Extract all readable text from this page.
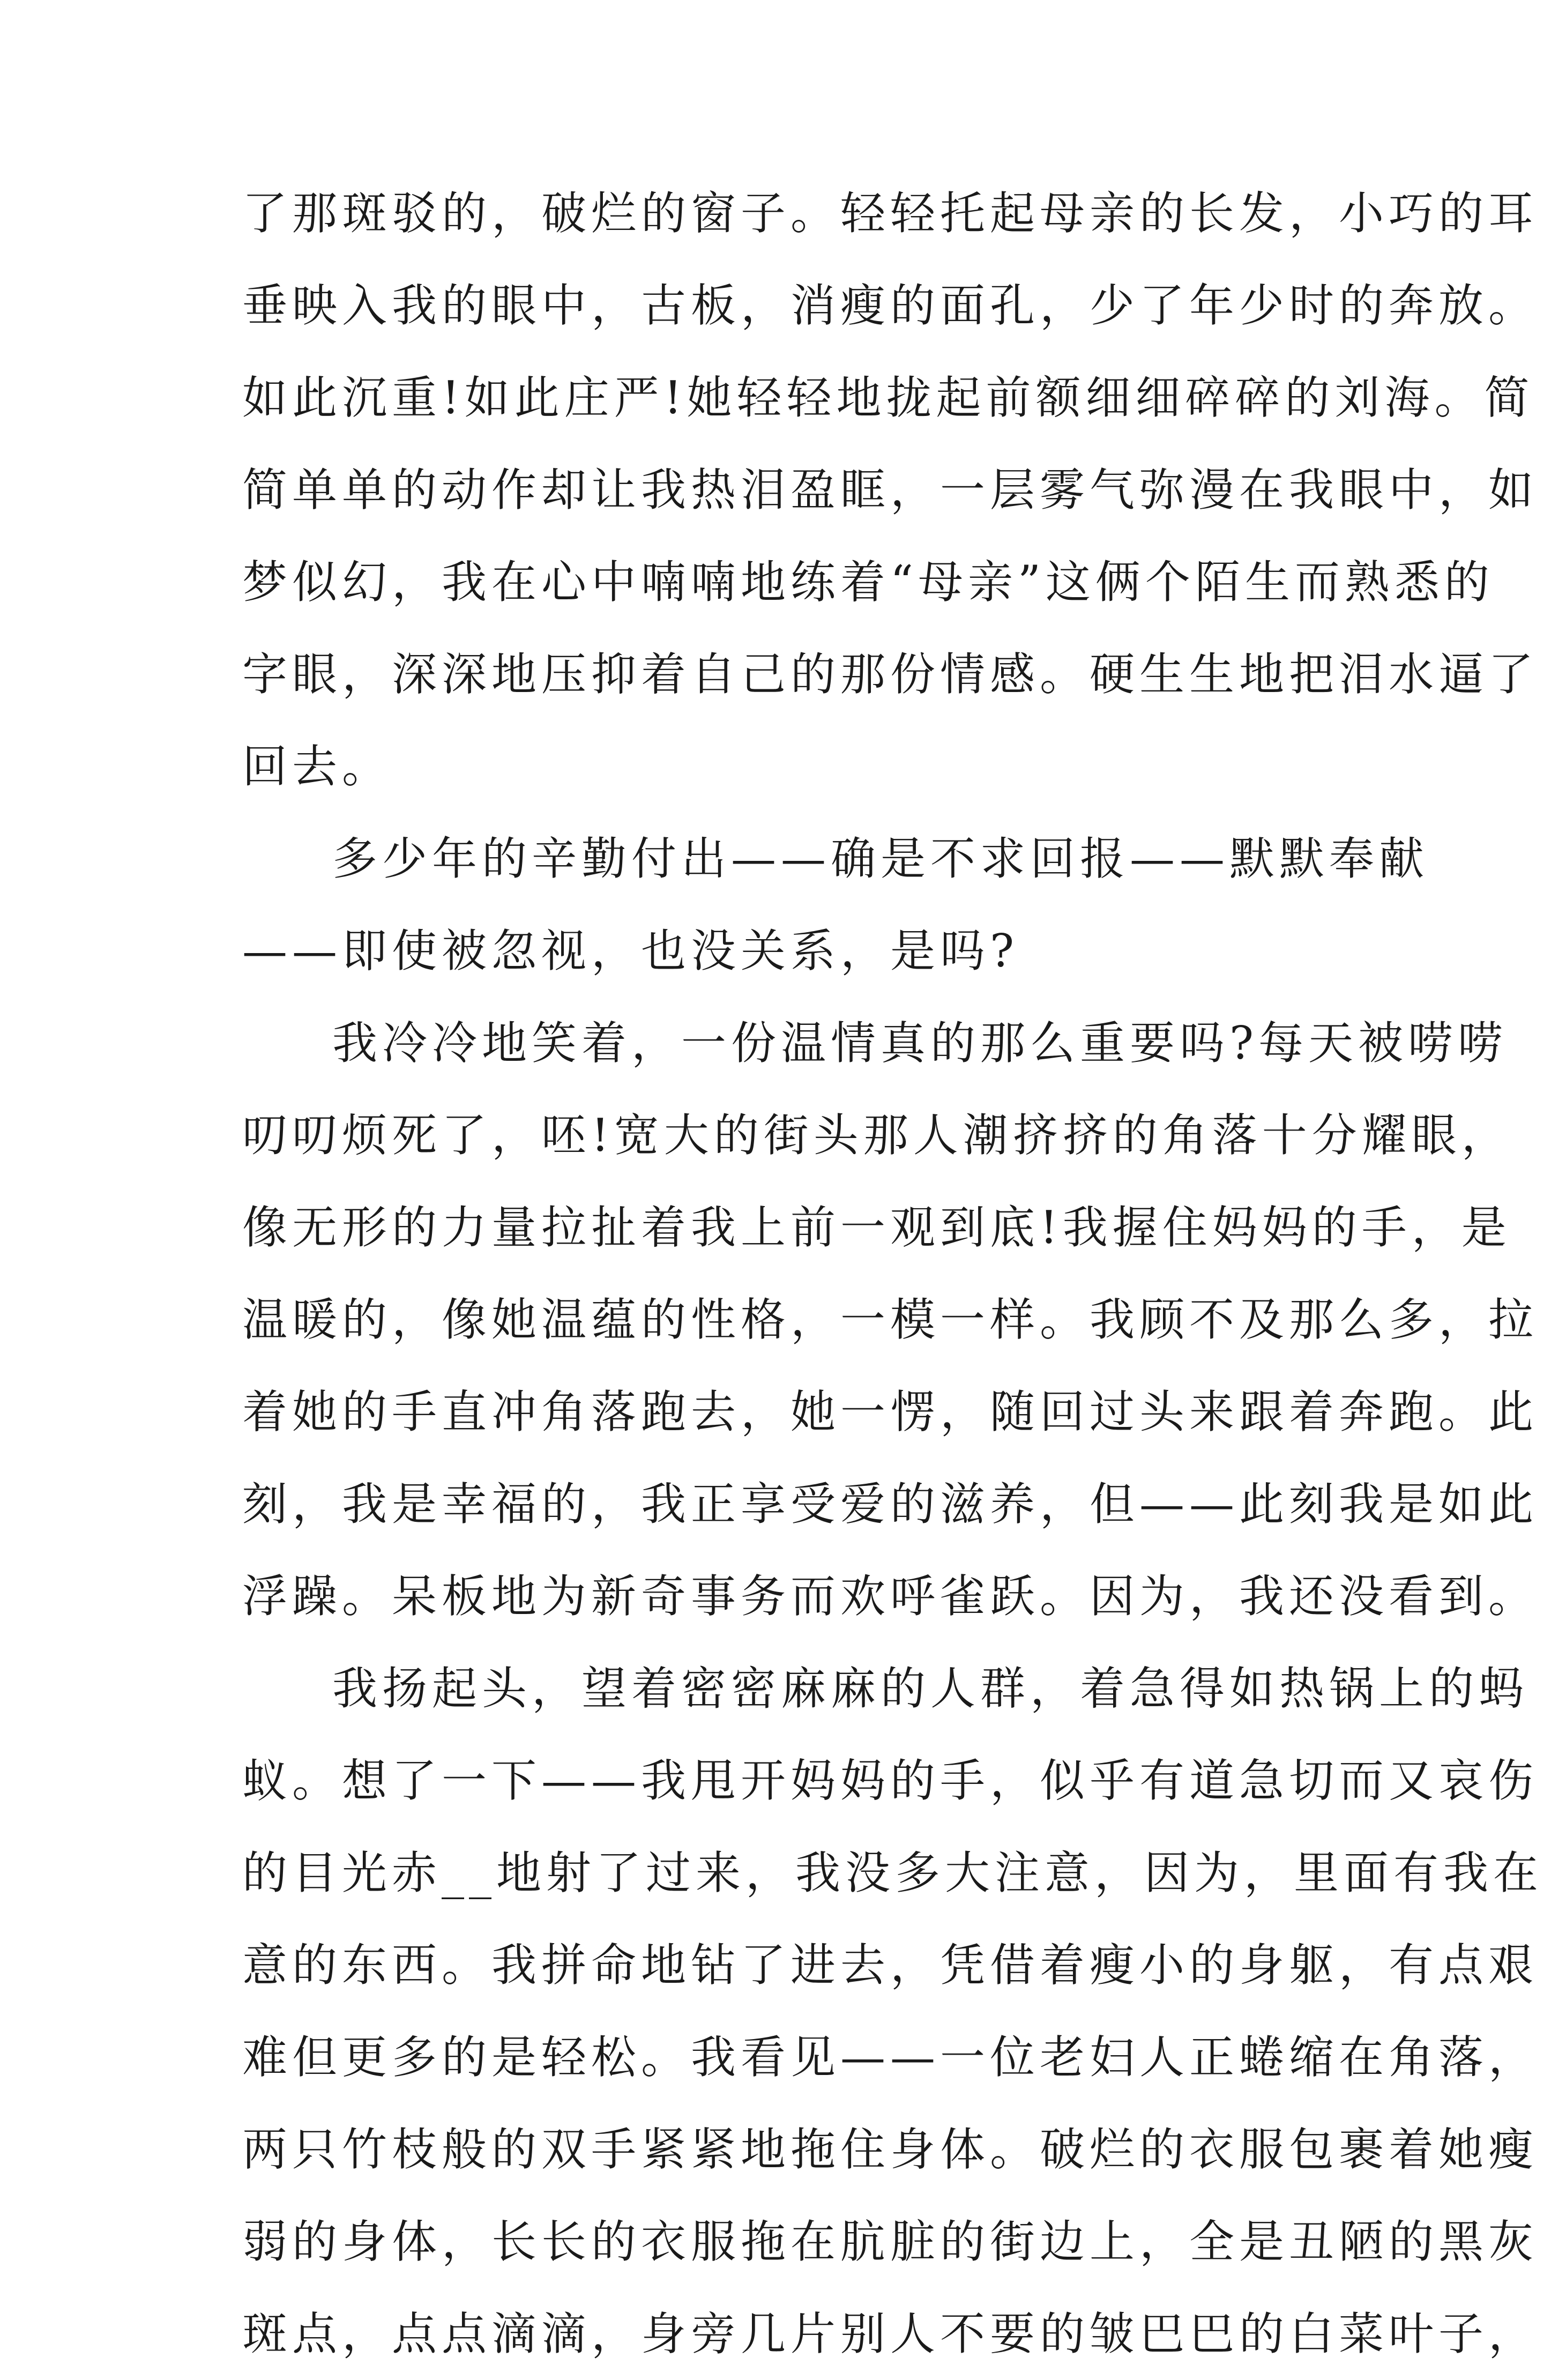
了那斑驳的，破烂的窗子。轻轻托起母亲的长发，小巧的耳
垂映入我的眼中，古板，消瘦的面孔，少了年少时的奔放。
如此沉重!如此庄严!她轻轻地拢起前额细细碎碎的刘海。简
简单单的动作却让我热泪盈眶，一层雾气弥漫在我眼中，如
梦似幻，我在心中喃喃地练着“母亲”这俩个陌生而熟悉的
字眼，深深地压抑着自己的那份情感。硬生生地把泪水逼了
回去。
多少年的辛勤付出——确是不求回报——默默奉献
——即使被忽视，也没关系，是吗?
我冷冷地笑着，一份温情真的那么重要吗?每天被唠唠
叨叨烦死了，呸!宽大的街头那人潮挤挤的角落十分耀眼，
像无形的力量拉扯着我上前一观到底!我握住妈妈的手，是
温暖的，像她温蕴的性格，一模一样。我顾不及那么多，拉
着她的手直冲角落跑去，她一愣，随回过头来跟着奔跑。此
刻，我是幸福的，我正享受爱的滋养，但——此刻我是如此
浮躁。呆板地为新奇事务而欢呼雀跃。因为，我还没看到。
我扬起头，望着密密麻麻的人群，着急得如热锅上的蚂
蚁。想了一下——我甩开妈妈的手，似乎有道急切而又哀伤
的目光赤__地射了过来，我没多大注意，因为，里面有我在
意的东西。我拼命地钻了进去，凭借着瘦小的身躯，有点艰
难但更多的是轻松。我看见——一位老妇人正蜷缩在角落，
两只竹枝般的双手紧紧地拖住身体。破烂的衣服包裹着她瘦
弱的身体，长长的衣服拖在肮脏的街边上，全是丑陋的黑灰
斑点，点点滴滴，身旁几片别人不要的皱巴巴的白菜叶子，
